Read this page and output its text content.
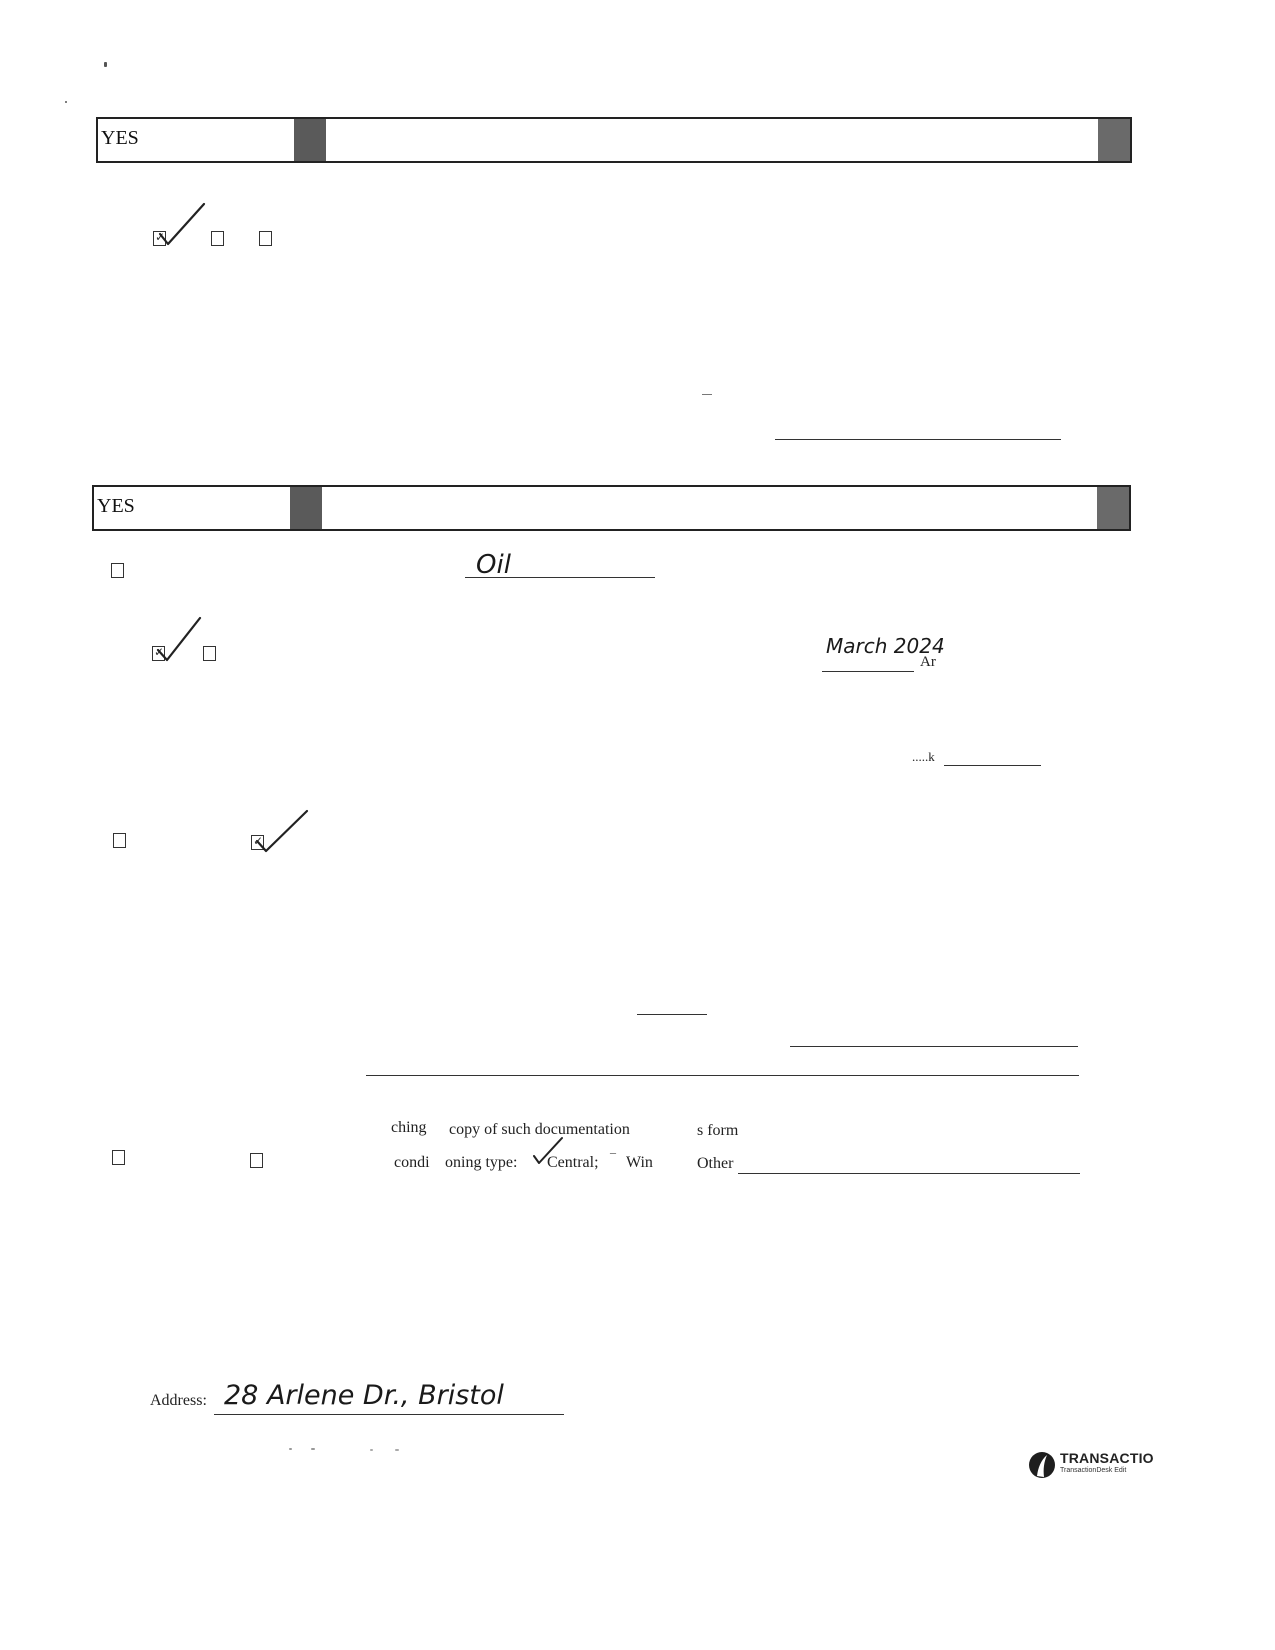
YES
✓
YES
Oil
✓	March 2024
Ar
.....k
✓
ching copy of such documentation	s form
condi oning type: Central; ¯ Win	Other
Address: 28 Arlene Dr., Bristol
TRANSACTIO
TransactionDesk Edit
